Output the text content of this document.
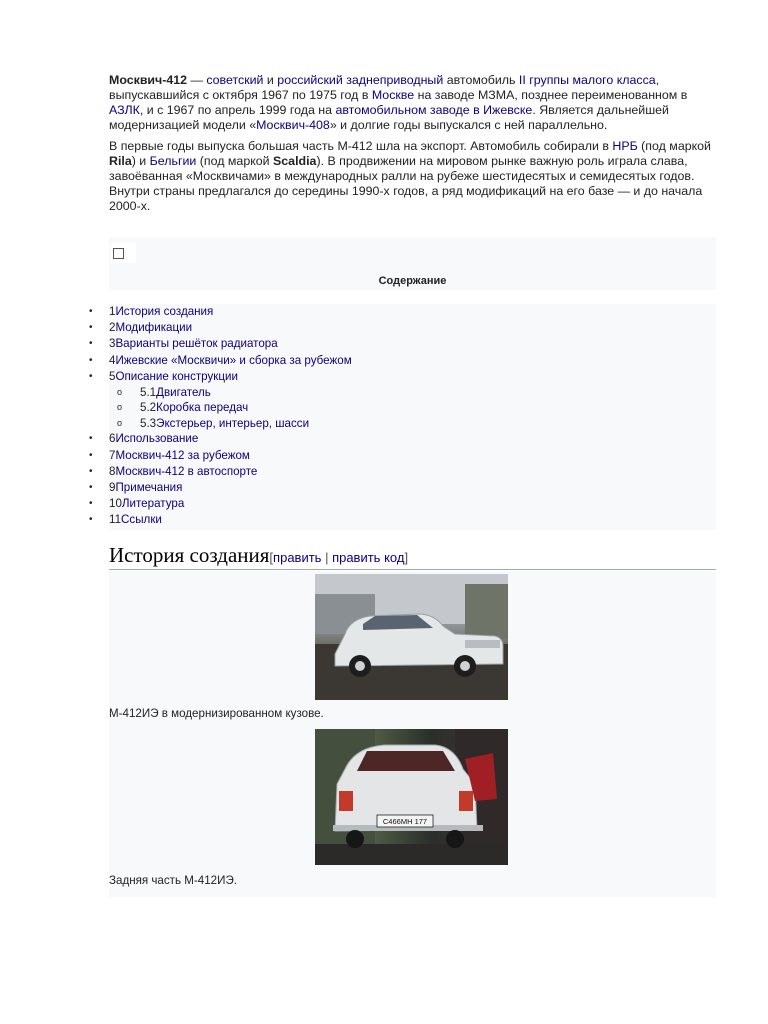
Москвич-412 — советский и российский заднеприводный автомобиль II группы малого класса, выпускавшийся с октября 1967 по 1975 год в Москве на заводе МЗМА, позднее переименованном в АЗЛК, и с 1967 по апрель 1999 года на автомобильном заводе в Ижевске. Является дальнейшей модернизацией модели «Москвич-408» и долгие годы выпускался с ней параллельно.

В первые годы выпуска большая часть М-412 шла на экспорт. Автомобиль собирали в НРБ (под маркой Rila) и Бельгии (под маркой Scaldia). В продвижении на мировом рынке важную роль играла слава, завоёванная «Москвичами» в международных ралли на рубеже шестидесятых и семидесятых годов. Внутри страны предлагался до середины 1990-х годов, а ряд модификаций на его базе — и до начала 2000-х.

Содержание
• 1История создания
• 2Модификации
• 3Варианты решёток радиатора
• 4Ижевские «Москвичи» и сборка за рубежом
• 5Описание конструкции
o 5.1Двигатель
o 5.2Коробка передач
o 5.3Экстерьер, интерьер, шасси
• 6Использование
• 7Москвич-412 за рубежом
• 8Москвич-412 в автоспорте
• 9Примечания
• 10Литература
• 11Ссылки
История создания[править | править код]
М-412ИЭ в модернизированном кузове.
С466МН 177
Задняя часть М-412ИЭ.
